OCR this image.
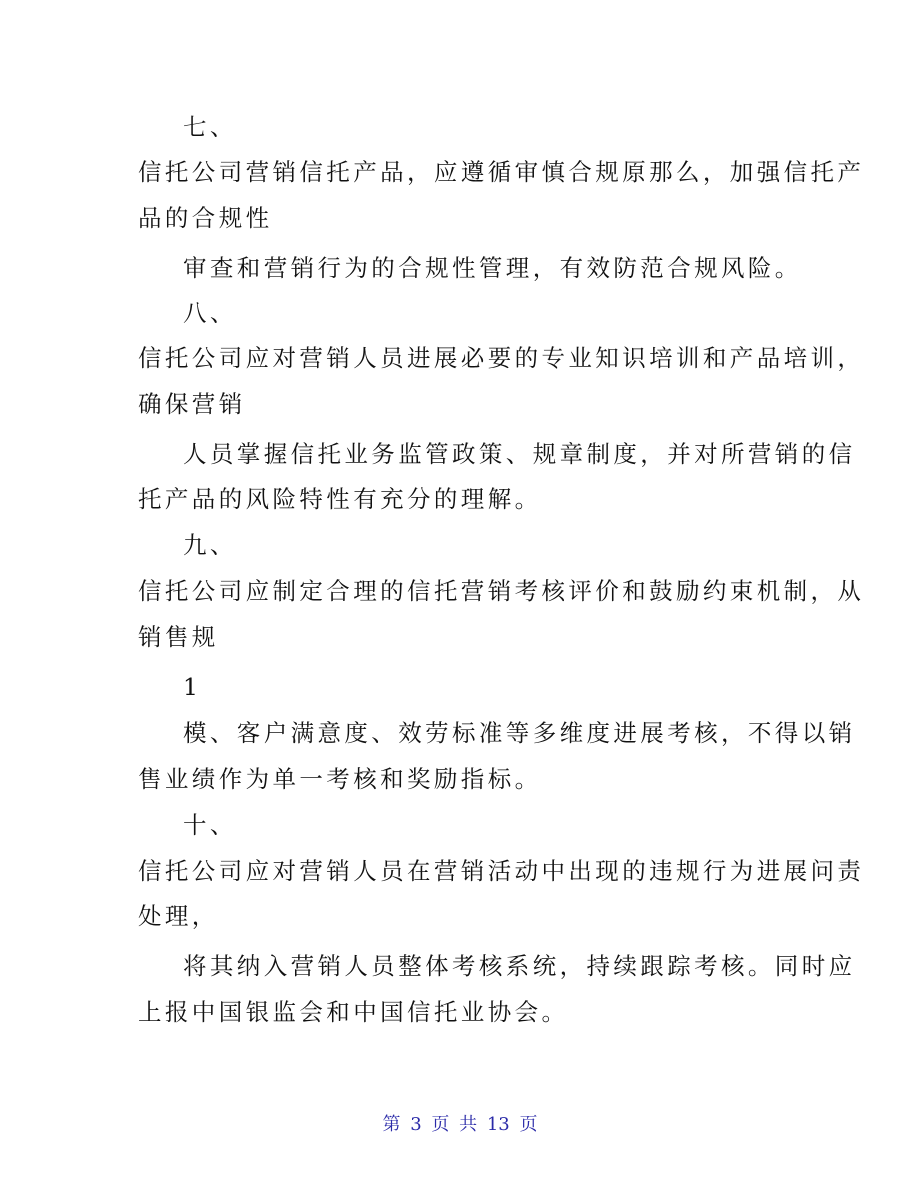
七、
信托公司营销信托产品，应遵循审慎合规原那么，加强信托产
品的合规性
审查和营销行为的合规性管理，有效防范合规风险。
八、
信托公司应对营销人员进展必要的专业知识培训和产品培训，
确保营销
人员掌握信托业务监管政策、规章制度，并对所营销的信
托产品的风险特性有充分的理解。
九、
信托公司应制定合理的信托营销考核评价和鼓励约束机制，从
销售规
1
模、客户满意度、效劳标准等多维度进展考核，不得以销
售业绩作为单一考核和奖励指标。
十、
信托公司应对营销人员在营销活动中出现的违规行为进展问责
处理，
将其纳入营销人员整体考核系统，持续跟踪考核。同时应
上报中国银监会和中国信托业协会。
第 3 页 共 13 页
